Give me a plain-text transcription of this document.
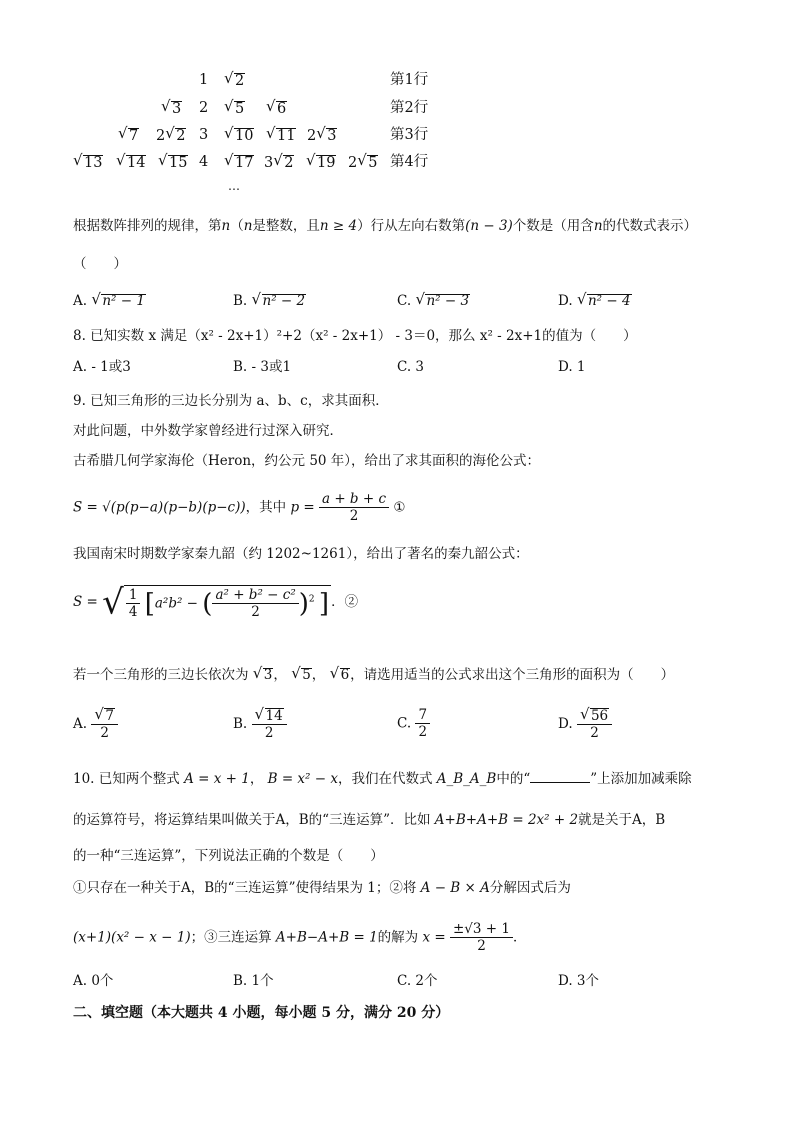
1 √ 2	第1行
√ 3 2 √ 5 √ 6	第2行
√ 7 2 √ 2 3 √ 10 √ 11 2 √ 3	第3行
√ 13 √ 14 √ 15 4 √ 17 3 √ 2 √ 19 2 √ 5 第4行
…
根据数阵排列的规律，第n（n是整数，且n ≥ 4）行从左向右数第(n − 3)个数是（用含n的代数式表示）
（　　）
A. √ n² − 1	B. √ n² − 2	C. √ n² − 3	D. √ n² − 4
8. 已知实数 x 满足（x² - 2x+1）²+2（x² - 2x+1） - 3＝0，那么 x² - 2x+1的值为（　　）
A. - 1或3	B. - 3或1	C. 3	D. 1
9. 已知三角形的三边长分别为 a、b、c，求其面积．
对此问题，中外数学家曾经进行过深入研究．
古希腊几何学家海伦（Heron，约公元 50 年），给出了求其面积的海伦公式：
S = √(p(p−a)(p−b)(p−c))，其中 $p = \frac{a + b + c}{2}$ ①
我国南宋时期数学家秦九韶（约 1202~1261），给出了著名的秦九韶公式：
S = √ $\frac{1}{4} [a^2b^2$ − ( $\frac{\text{a² + b² − c²}}{2} )^2$ ] ．②
若一个三角形的三边长依次为 √ 3， √ 5， √ 6，请选用适当的公式求出这个三角形的面积为（　　）
A. $\frac{√ 7}{2}$	B. $\frac{√ 14}{2}$	C. $\frac{7}{2}$	D. $\frac{√ 56}{2}$
10. 已知两个整式 A = x + 1， B = x² − x，我们在代数式 A_B_A_B中的“	”上添加加减乘除
的运算符号，将运算结果叫做关于A，B的“三连运算”．比如 A+B+A+B = 2x² + 2就是关于A，B
的一种“三连运算”，下列说法正确的个数是（　　）
①只存在一种关于A，B的“三连运算”使得结果为 1；②将 A − B × A分解因式后为
(x+1)(x² − x − 1)；③三连运算 A+B−A+B = 1的解为 $x = \frac{\pm√3 + 1}{2}$ ．
A. 0个	B. 1个	C. 2个	D. 3个
二、填空题（本大题共 4 小题，每小题 5 分，满分 20 分）
